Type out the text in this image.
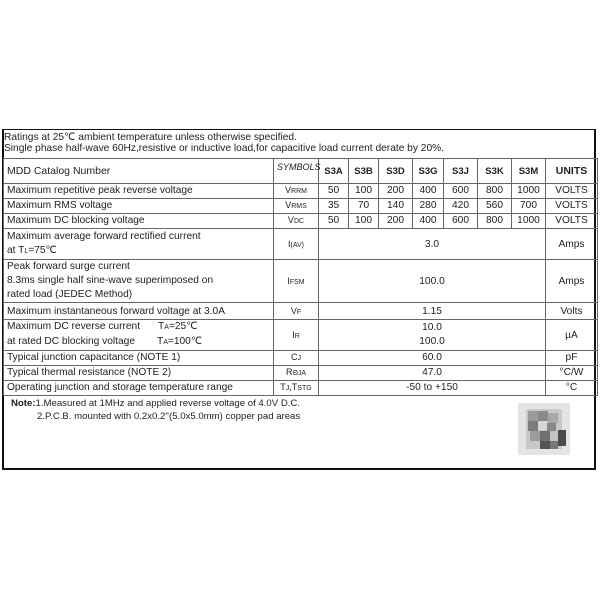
Ratings at 25℃ ambient temperature unless otherwise specified.
Single phase half-wave 60Hz,resistive or inductive load,for capacitive load current derate by 20%.
MDD Catalog Number	SYMBOLS	S3A	S3B	S3D	S3G	S3J	S3K	S3M	UNITS
Maximum repetitive peak reverse voltage	VRRM	50	100	200	400	600	800	1000	VOLTS
Maximum RMS voltage	VRMS	35	70	140	280	420	560	700	VOLTS
Maximum DC blocking voltage	VDC	50	100	200	400	600	800	1000	VOLTS

Maximum average forward rectified current
at TL=75℃	I(AV)	3.0							Amps

Peak forward surge current
8.3ms single half sine-wave superimposed on
rated load (JEDEC Method)	IFSM	100.0							Amps
Maximum instantaneous forward voltage at 3.0A	VF	1.15							Volts

Maximum DC reverse current TA=25℃
at rated DC blocking voltage TA=100℃	IR	10.0
100.0							µA
Typical junction capacitance (NOTE 1)	CJ	60.0							pF
Typical thermal resistance (NOTE 2)	RΘJA	47.0							°C/W
Operating junction and storage temperature range	TJ,TSTG	-50 to +150							°C
Note:1.Measured at 1MHz and applied reverse voltage of 4.0V D.C.
2.P.C.B. mounted with 0.2x0.2''(5.0x5.0mm) copper pad areas
